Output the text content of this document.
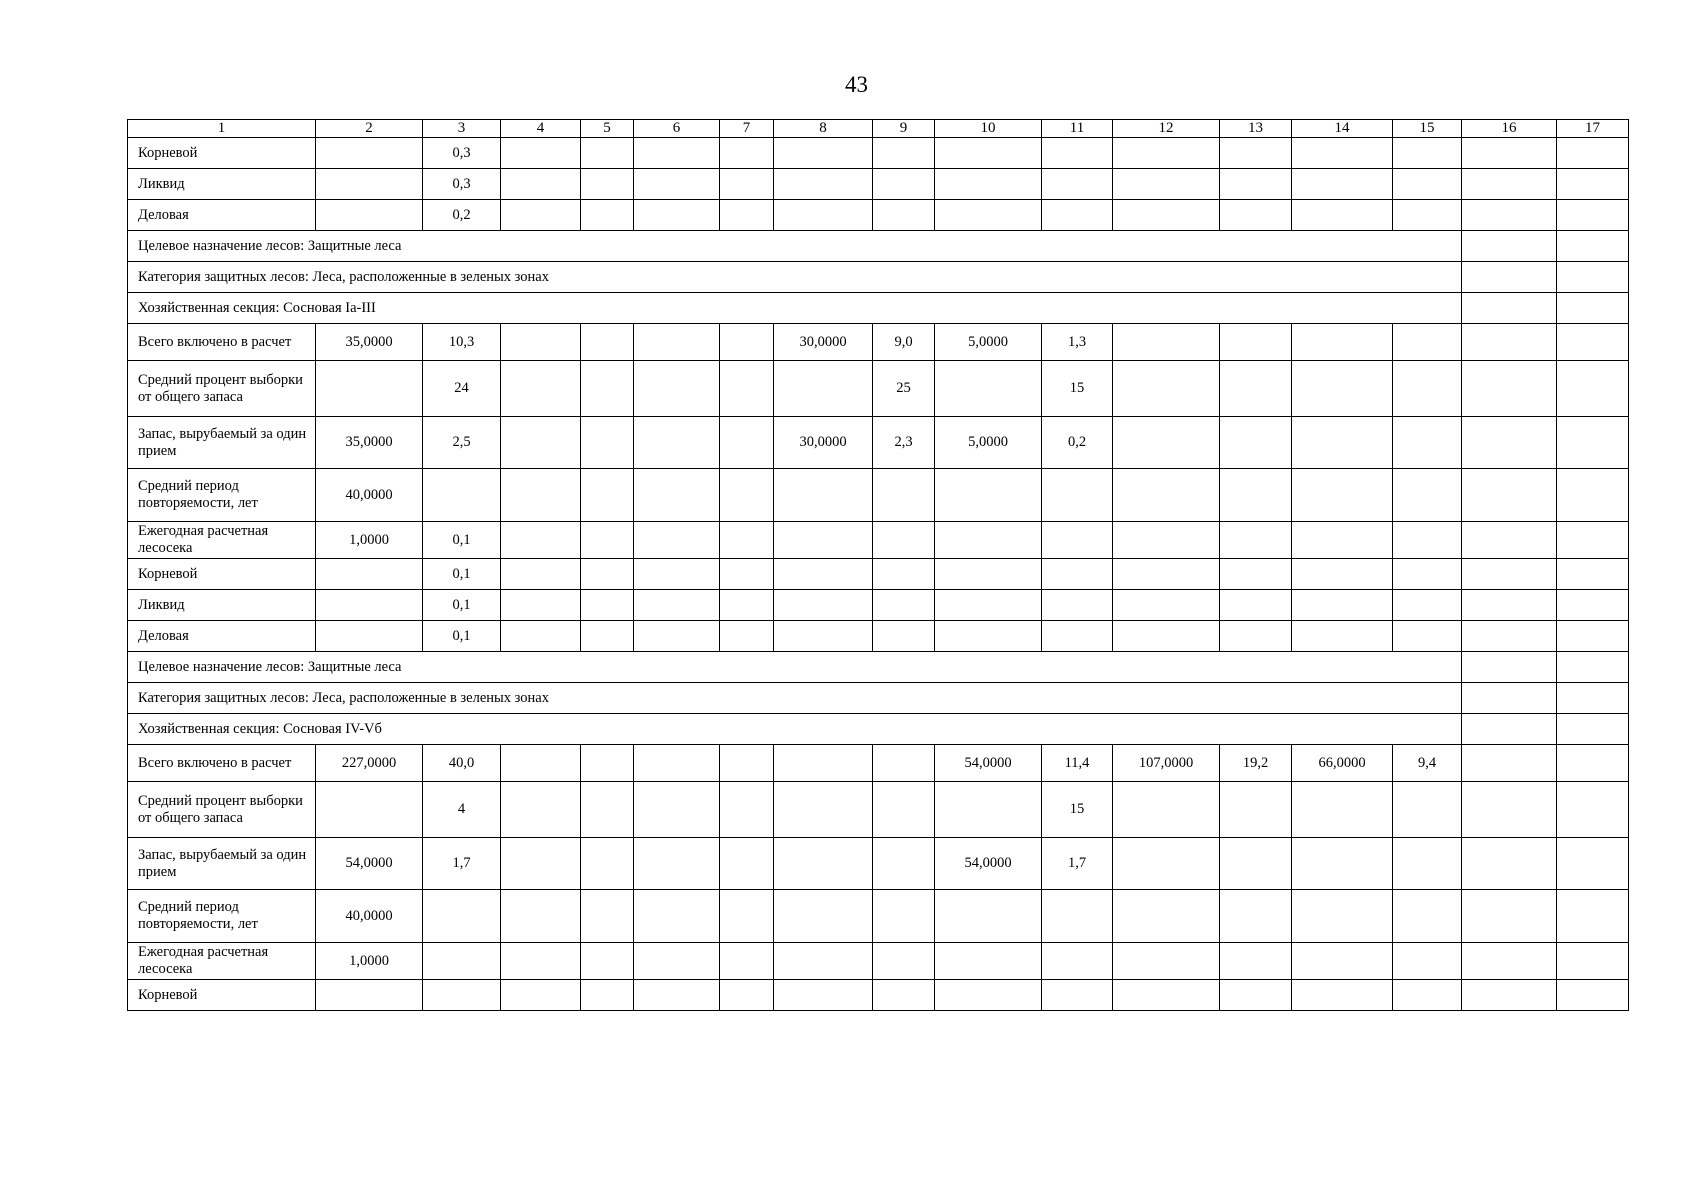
43
1	2	3	4	5	6	7	8	9	10	11	12	13	14	15	16	17
Корневой		0,3														
Ликвид		0,3														
Деловая		0,2														
Целевое назначение лесов: Защитные леса																
Категория защитных лесов: Леса, расположенные в зеленых зонах																
Хозяйственная секция: Сосновая Ia-III																
Всего включено в расчет	35,0000	10,3					30,0000	9,0	5,0000	1,3						
Средний процент выборки от общего запаса		24						25		15						
Запас, вырубаемый за один прием	35,0000	2,5					30,0000	2,3	5,0000	0,2						
Средний период повторяемости, лет	40,0000															
Ежегодная расчетная лесосека	1,0000	0,1														
Корневой		0,1														
Ликвид		0,1														
Деловая		0,1														
Целевое назначение лесов: Защитные леса																
Категория защитных лесов: Леса, расположенные в зеленых зонах																
Хозяйственная секция: Сосновая IV-Vб																
Всего включено в расчет	227,0000	40,0							54,0000	11,4	107,0000	19,2	66,0000	9,4		
Средний процент выборки от общего запаса		4								15						
Запас, вырубаемый за один прием	54,0000	1,7							54,0000	1,7						
Средний период повторяемости, лет	40,0000															
Ежегодная расчетная лесосека	1,0000															
Корневой																
